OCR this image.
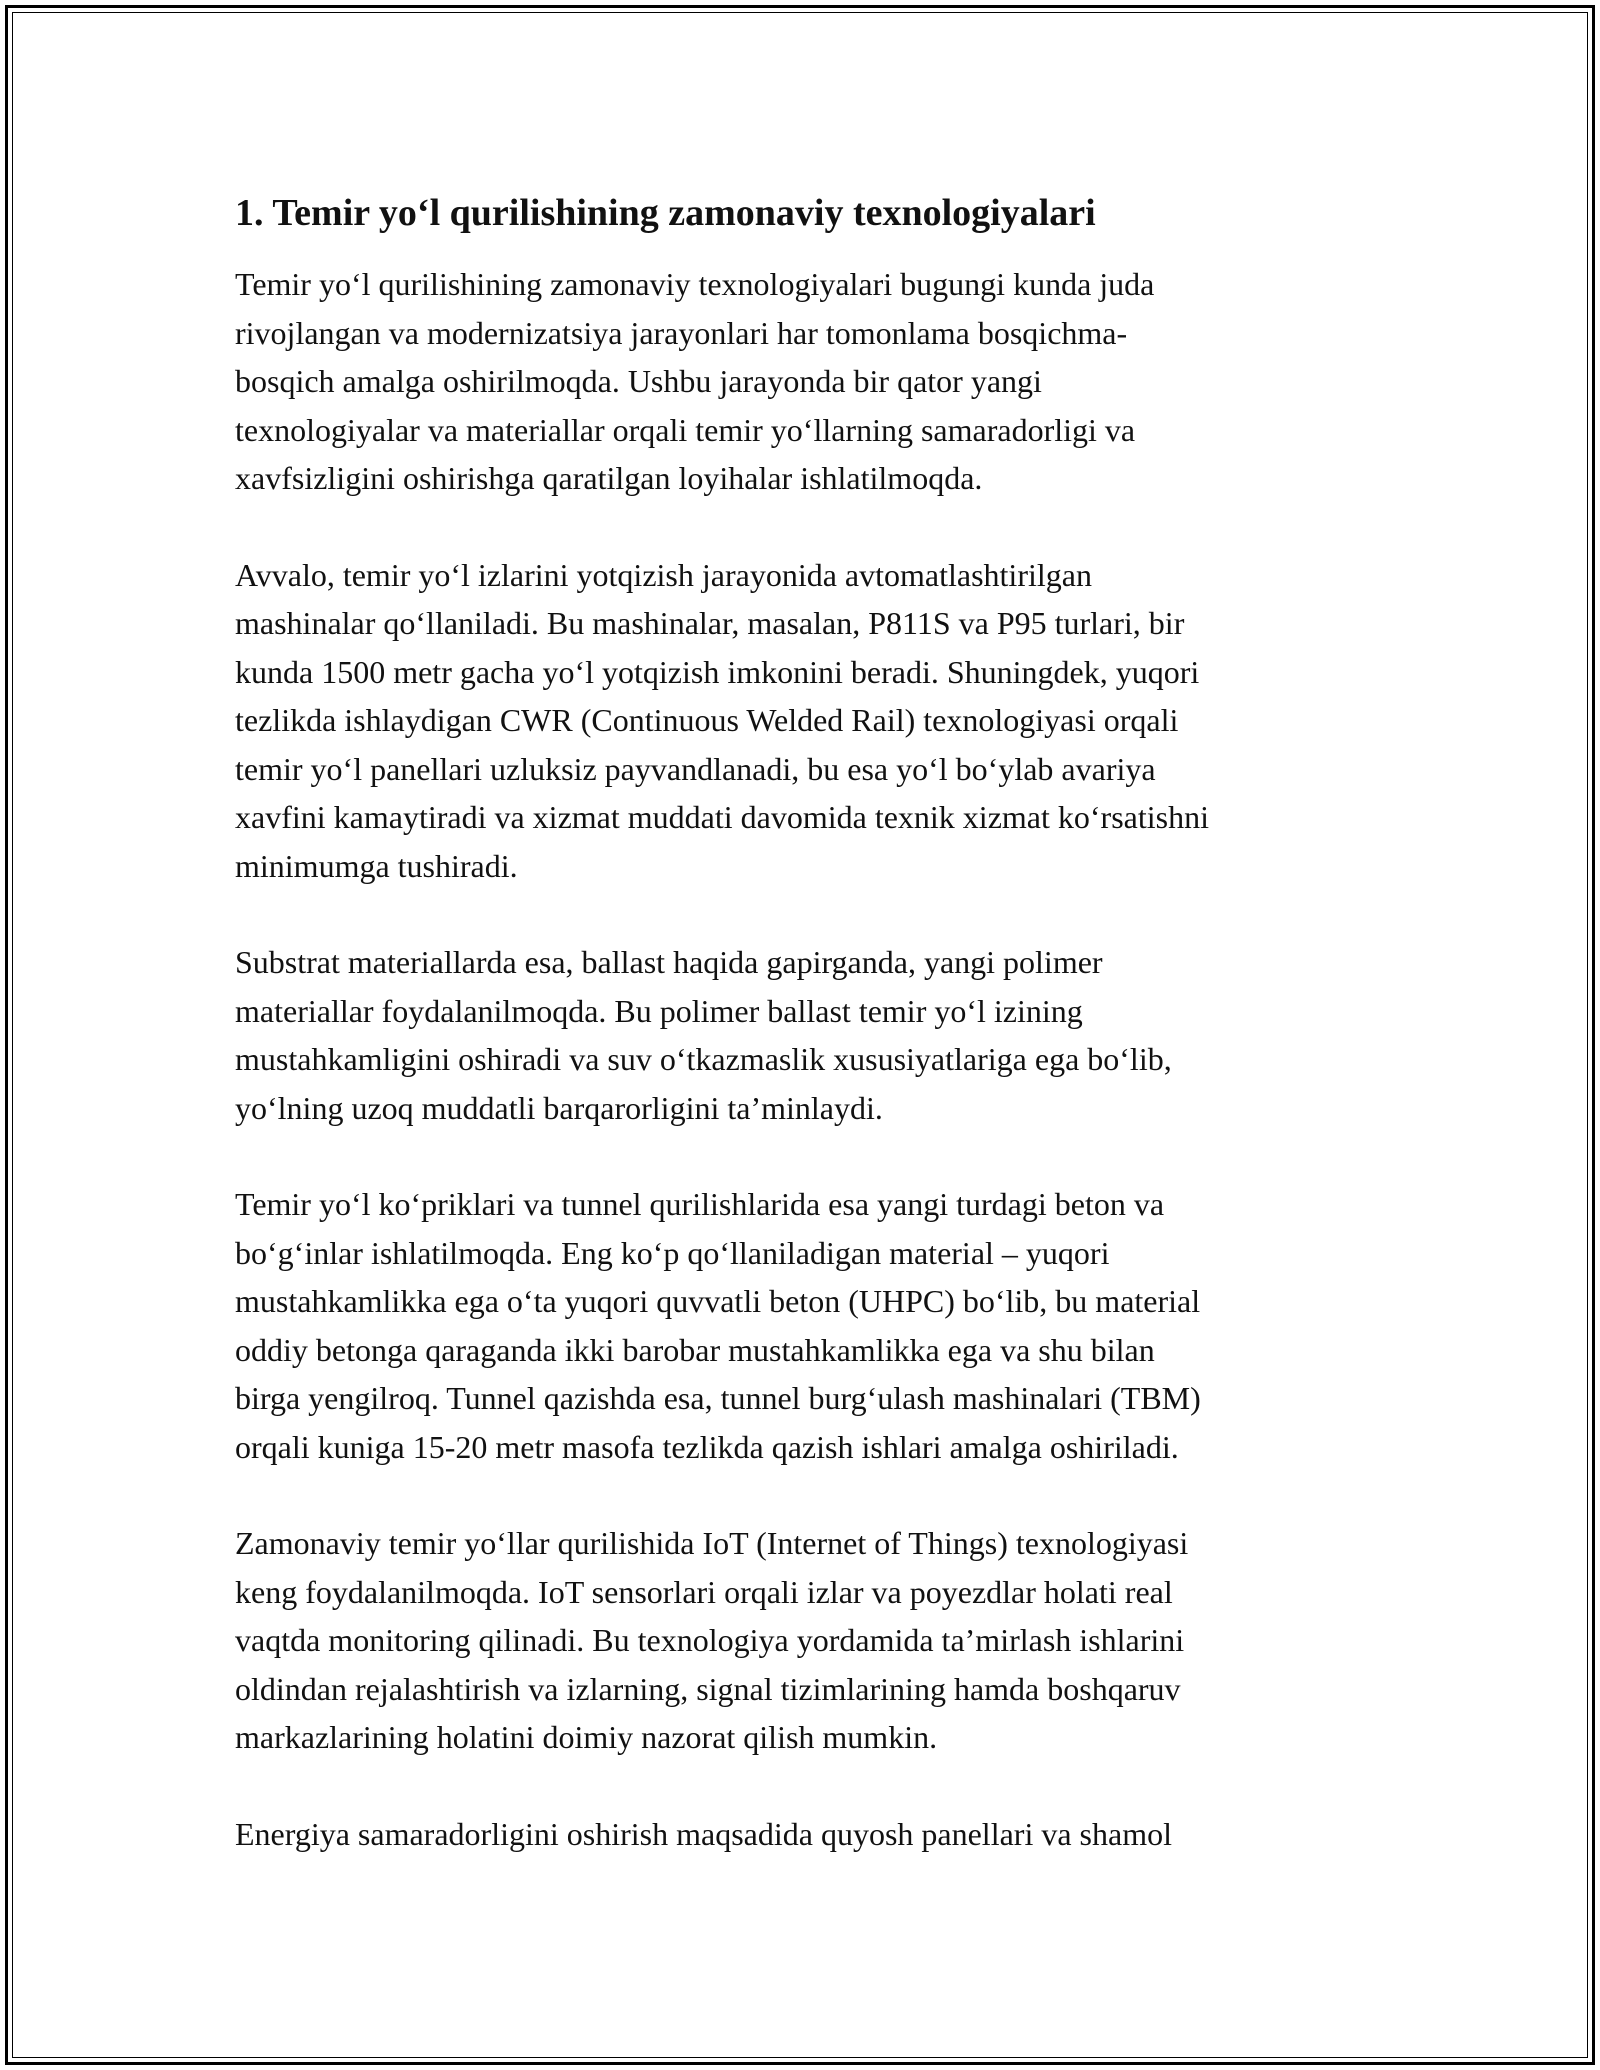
1. Temir yo‘l qurilishining zamonaviy texnologiyalari

Temir yo‘l qurilishining zamonaviy texnologiyalari bugungi kunda juda
rivojlangan va modernizatsiya jarayonlari har tomonlama bosqichma-
bosqich amalga oshirilmoqda. Ushbu jarayonda bir qator yangi
texnologiyalar va materiallar orqali temir yo‘llarning samaradorligi va
xavfsizligini oshirishga qaratilgan loyihalar ishlatilmoqda.

Avvalo, temir yo‘l izlarini yotqizish jarayonida avtomatlashtirilgan
mashinalar qo‘llaniladi. Bu mashinalar, masalan, P811S va P95 turlari, bir
kunda 1500 metr gacha yo‘l yotqizish imkonini beradi. Shuningdek, yuqori
tezlikda ishlaydigan CWR (Continuous Welded Rail) texnologiyasi orqali
temir yo‘l panellari uzluksiz payvandlanadi, bu esa yo‘l bo‘ylab avariya
xavfini kamaytiradi va xizmat muddati davomida texnik xizmat ko‘rsatishni
minimumga tushiradi.

Substrat materiallarda esa, ballast haqida gapirganda, yangi polimer
materiallar foydalanilmoqda. Bu polimer ballast temir yo‘l izining
mustahkamligini oshiradi va suv o‘tkazmaslik xususiyatlariga ega bo‘lib,
yo‘lning uzoq muddatli barqarorligini ta’minlaydi.

Temir yo‘l ko‘priklari va tunnel qurilishlarida esa yangi turdagi beton va
bo‘g‘inlar ishlatilmoqda. Eng ko‘p qo‘llaniladigan material – yuqori
mustahkamlikka ega o‘ta yuqori quvvatli beton (UHPC) bo‘lib, bu material
oddiy betonga qaraganda ikki barobar mustahkamlikka ega va shu bilan
birga yengilroq. Tunnel qazishda esa, tunnel burg‘ulash mashinalari (TBM)
orqali kuniga 15-20 metr masofa tezlikda qazish ishlari amalga oshiriladi.

Zamonaviy temir yo‘llar qurilishida IoT (Internet of Things) texnologiyasi
keng foydalanilmoqda. IoT sensorlari orqali izlar va poyezdlar holati real
vaqtda monitoring qilinadi. Bu texnologiya yordamida ta’mirlash ishlarini
oldindan rejalashtirish va izlarning, signal tizimlarining hamda boshqaruv
markazlarining holatini doimiy nazorat qilish mumkin.

Energiya samaradorligini oshirish maqsadida quyosh panellari va shamol
